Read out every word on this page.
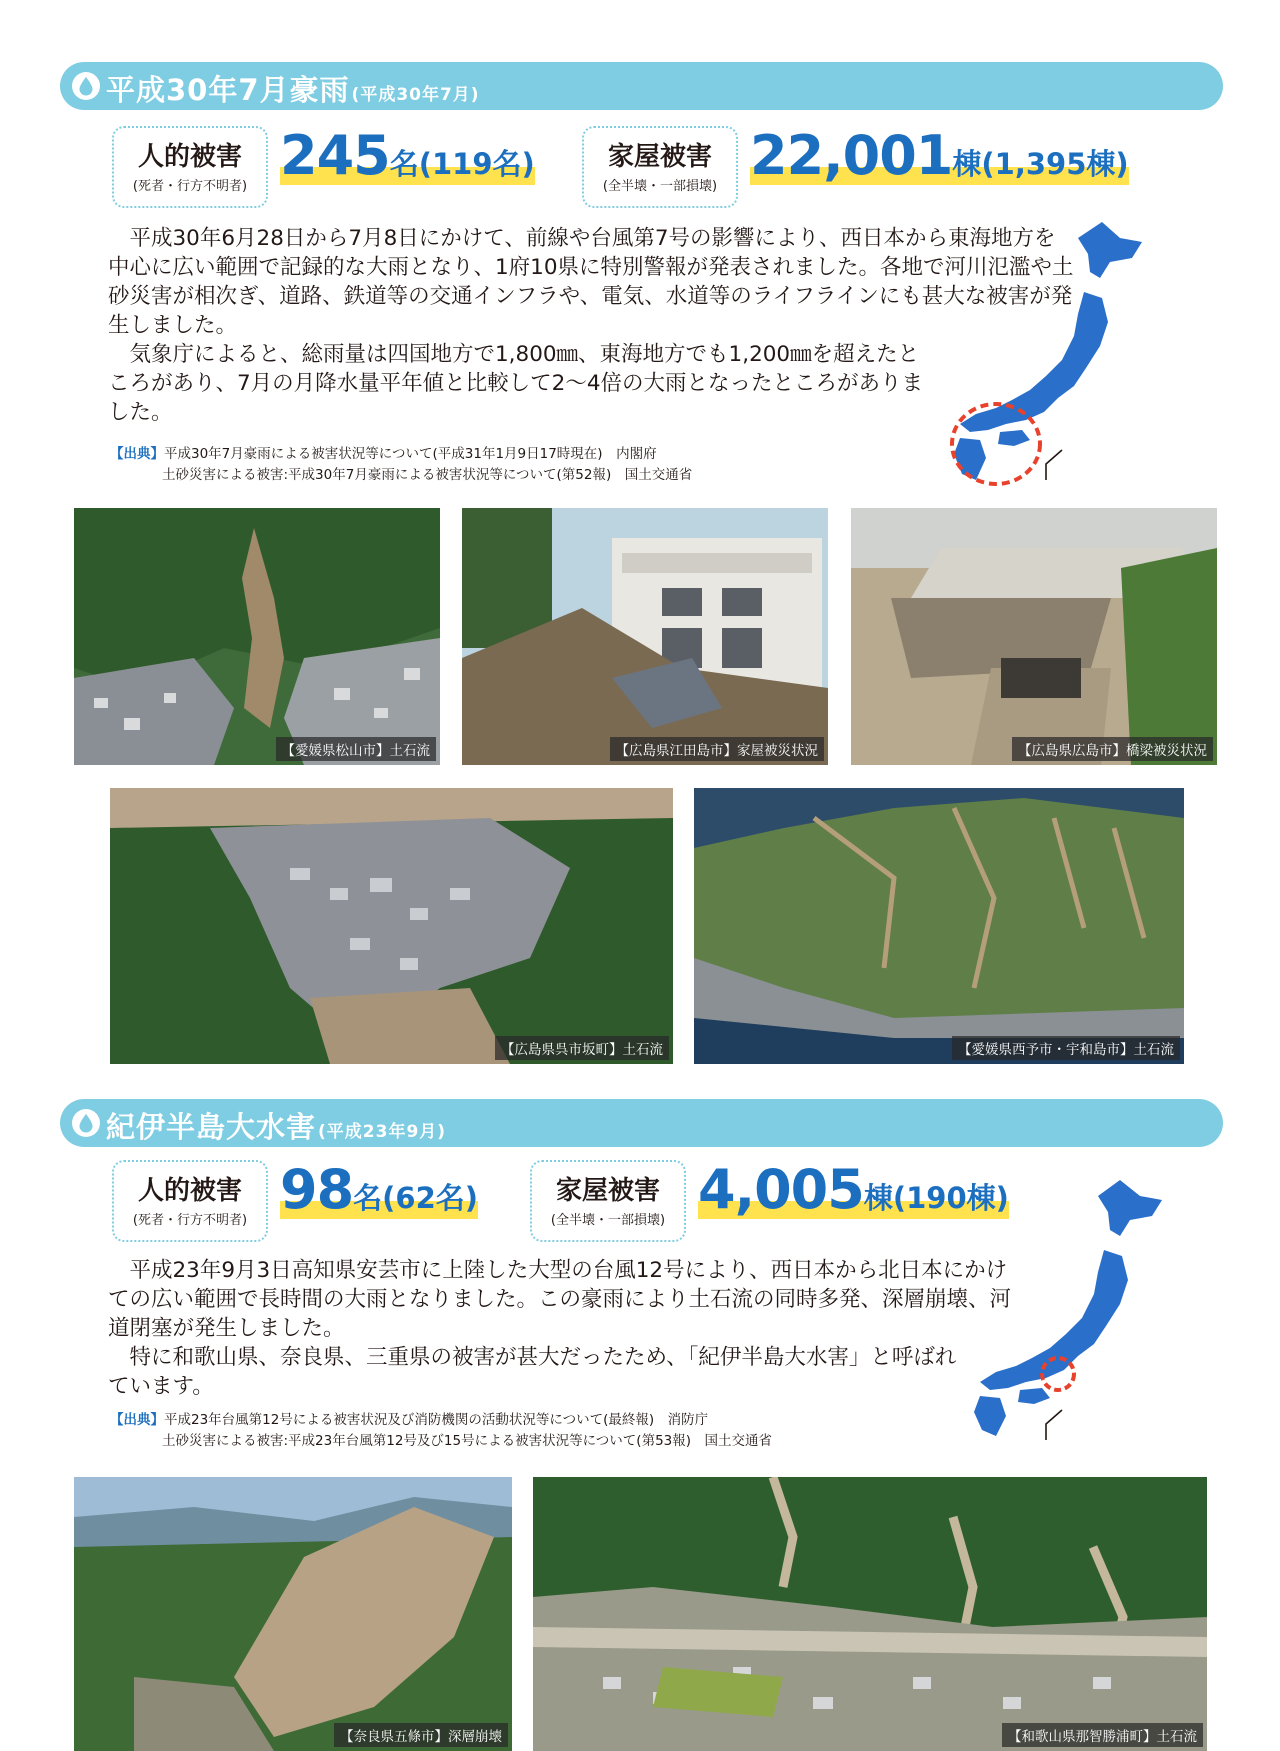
平成30年7月豪雨 (平成30年7月)
人的被害
(死者・行方不明者) 245名(119名)	家屋被害
(全半壊・一部損壊) 22,001棟(1,395棟)

平成30年6月28日から7月8日にかけて、前線や台風第7号の影響により、西日本から東海地方を中心に広い範囲で記録的な大雨となり、1府10県に特別警報が発表されました。各地で河川氾濫や土砂災害が相次ぎ、道路、鉄道等の交通インフラや、電気、水道等のライフラインにも甚大な被害が発生しました。

気象庁によると、総雨量は四国地方で1,800㎜、東海地方でも1,200㎜を超えたところがあり、7月の月降水量平年値と比較して2～4倍の大雨となったところがありました。

【出典】平成30年7月豪雨による被害状況等について(平成31年1月9日17時現在)　内閣府
土砂災害による被害:平成30年7月豪雨による被害状況等について(第52報)　国土交通省
【愛媛県松山市】土石流	【広島県江田島市】家屋被災状況	【広島県広島市】橋梁被災状況
【広島県呉市坂町】土石流	【愛媛県西予市・宇和島市】土石流
紀伊半島大水害 (平成23年9月)
人的被害
(死者・行方不明者) 98名(62名)	家屋被害
(全半壊・一部損壊) 4,005棟(190棟)

平成23年9月3日高知県安芸市に上陸した大型の台風12号により、西日本から北日本にかけての広い範囲で長時間の大雨となりました。この豪雨により土石流の同時多発、深層崩壊、河道閉塞が発生しました。

特に和歌山県、奈良県、三重県の被害が甚大だったため、「紀伊半島大水害」と呼ばれています。

【出典】平成23年台風第12号による被害状況及び消防機関の活動状況等について(最終報)　消防庁
土砂災害による被害:平成23年台風第12号及び15号による被害状況等について(第53報)　国土交通省
【奈良県五條市】深層崩壊	【和歌山県那智勝浦町】土石流
